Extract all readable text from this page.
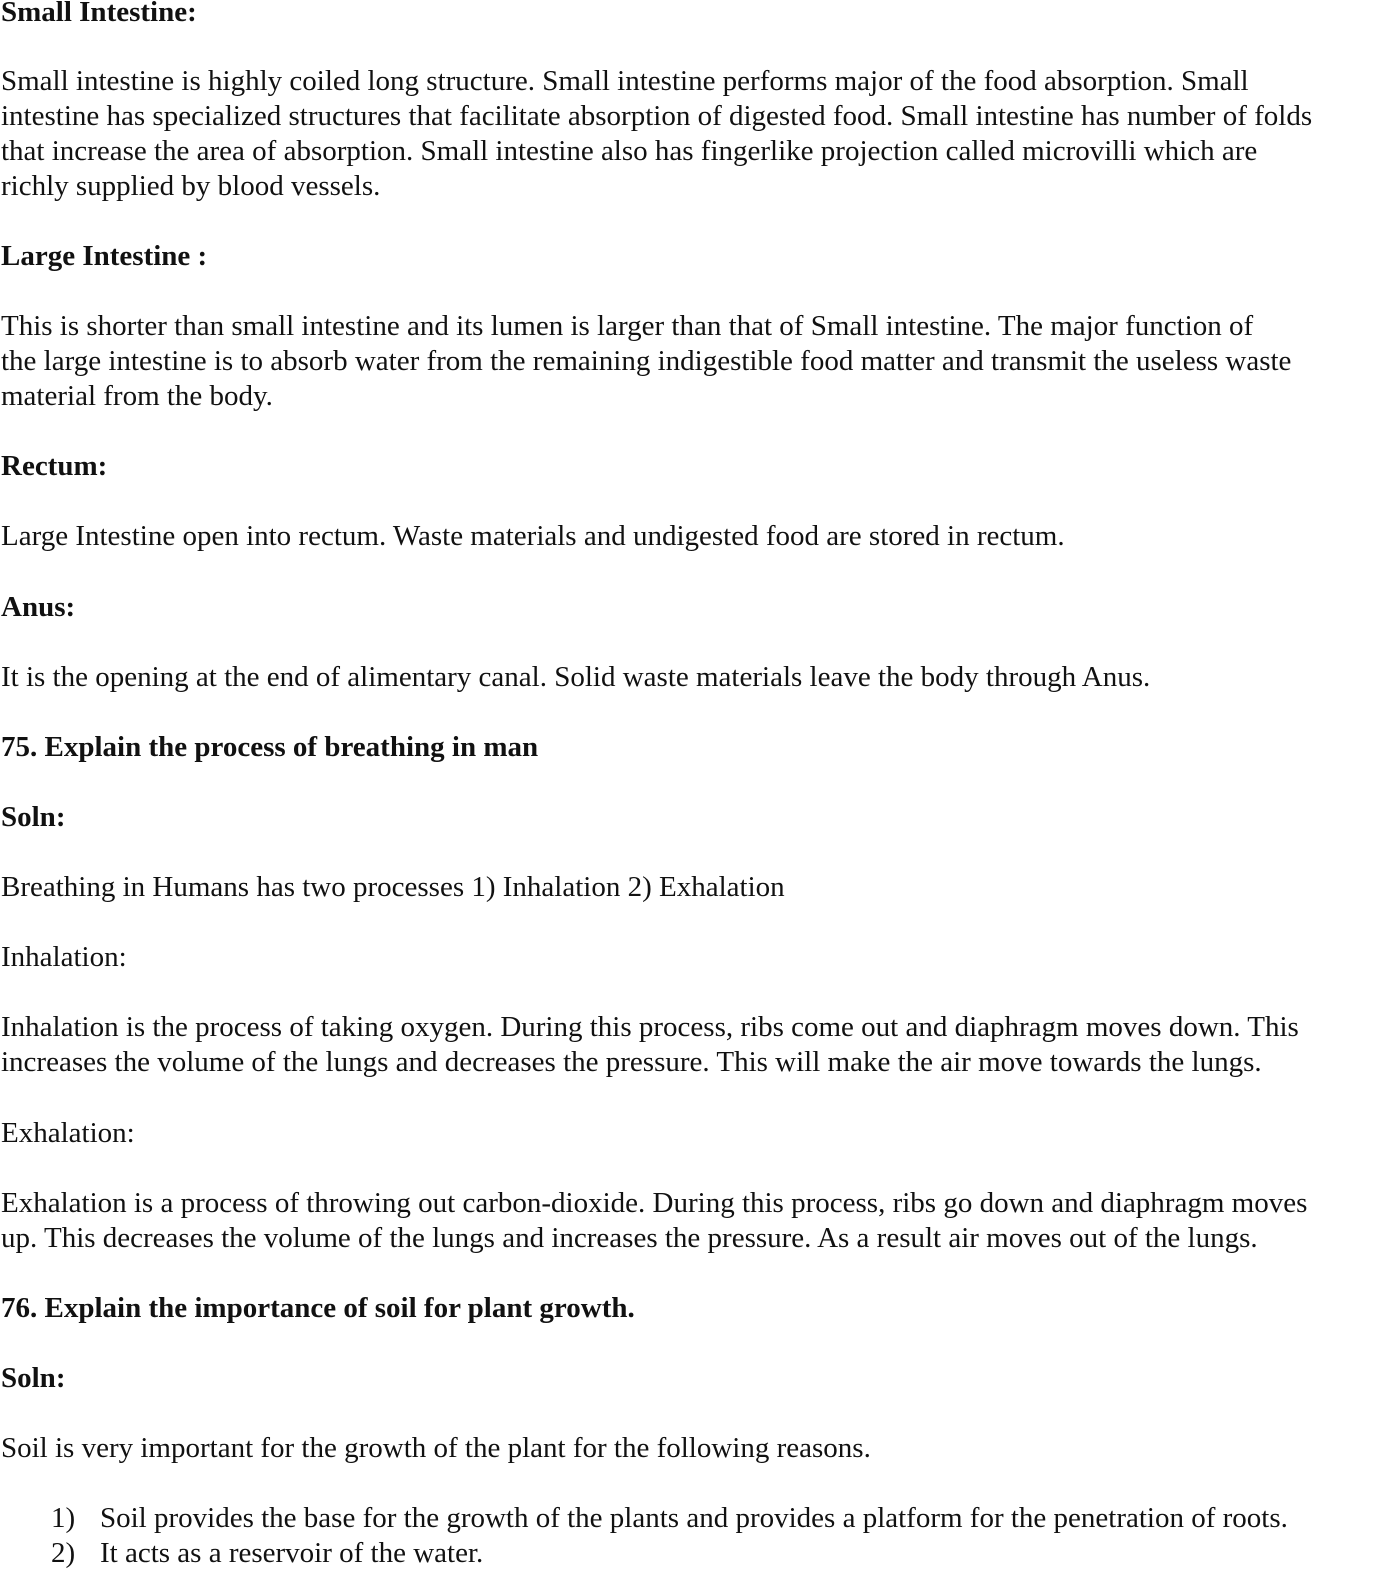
Small Intestine:

Small intestine is highly coiled long structure. Small intestine performs major of the food absorption. Small
intestine has specialized structures that facilitate absorption of digested food. Small intestine has number of folds
that increase the area of absorption. Small intestine also has fingerlike projection called microvilli which are
richly supplied by blood vessels.

Large Intestine :

This is shorter than small intestine and its lumen is larger than that of Small intestine. The major function of
the large intestine is to absorb water from the remaining indigestible food matter and transmit the useless waste
material from the body.

Rectum:

Large Intestine open into rectum. Waste materials and undigested food are stored in rectum.

Anus:

It is the opening at the end of alimentary canal. Solid waste materials leave the body through Anus.

75. Explain the process of breathing in man

Soln:

Breathing in Humans has two processes 1) Inhalation 2) Exhalation

Inhalation:

Inhalation is the process of taking oxygen. During this process, ribs come out and diaphragm moves down. This
increases the volume of the lungs and decreases the pressure. This will make the air move towards the lungs.

Exhalation:

Exhalation is a process of throwing out carbon-dioxide. During this process, ribs go down and diaphragm moves
up. This decreases the volume of the lungs and increases the pressure. As a result air moves out of the lungs.

76. Explain the importance of soil for plant growth.

Soln:

Soil is very important for the growth of the plant for the following reasons.

1) Soil provides the base for the growth of the plants and provides a platform for the penetration of roots.
2) It acts as a reservoir of the water.
